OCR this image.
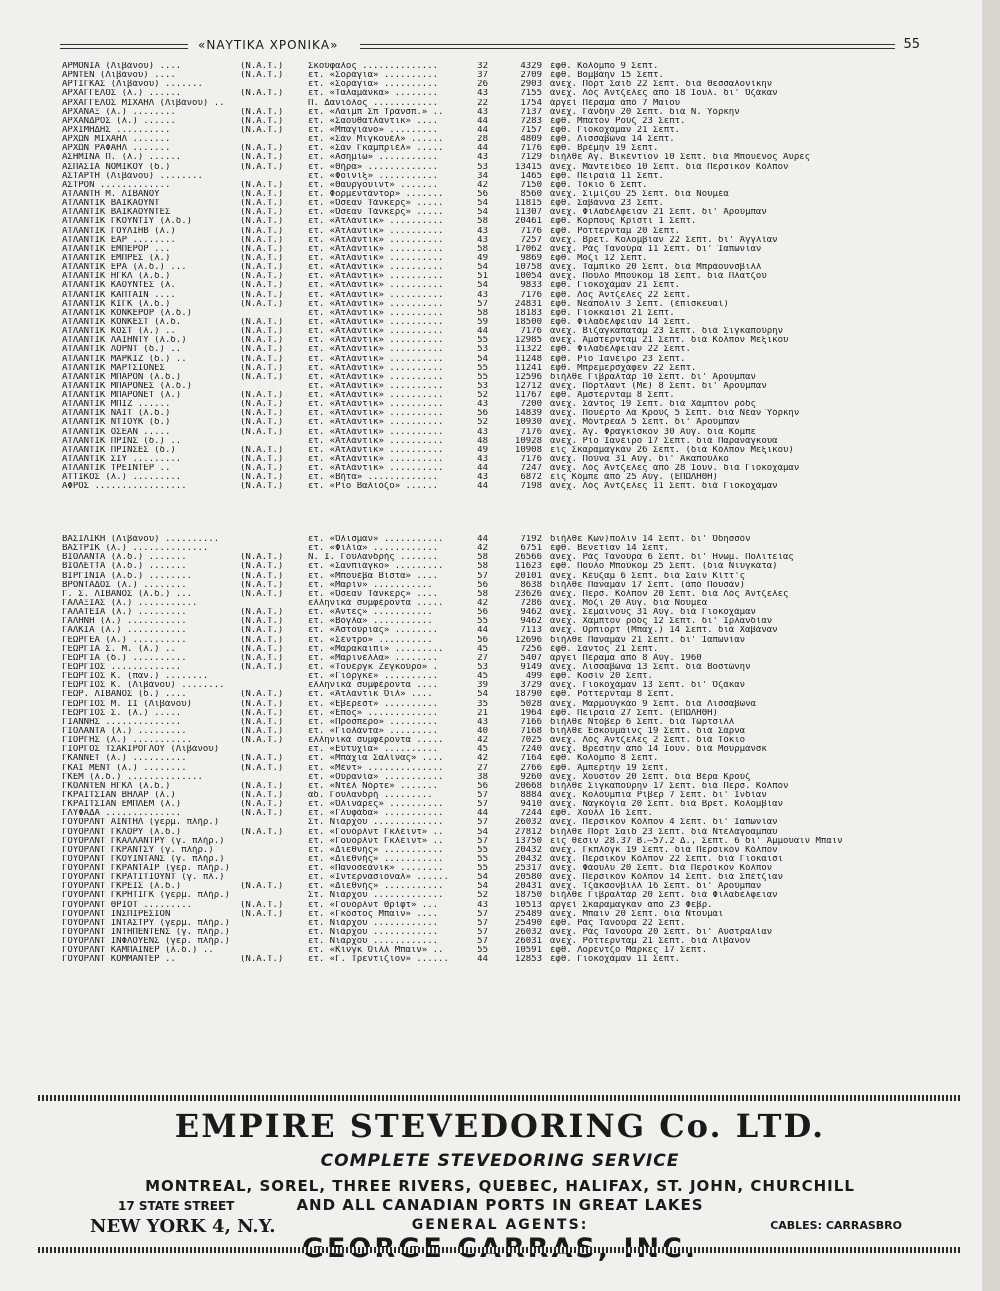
«ΝΑΥΤΙΚΑ ΧΡΟΝΙΚΑ»	55
ΑΡΜΟΝΙΑ (Λιβάνου) ....	(Ν.Α.Τ.)	Σκούφαλος ..............	32	4329 έφθ. Κολόμπο 9 Σεπτ.
ΑΡΝΤΕΝ (Λιβάνου) ....	(Ν.Α.Τ.)	ετ. «Σοράγια» ..........	37	2709 έφθ. Βομβάην 15 Σεπτ.
ΑΡΤΙΓΚΑΣ (Λιβάνου) .......	ετ. «Σοράγια» ..........	26	2903 άνεχ. Πόρτ Σαΐδ 22 Σεπτ. διά Θεσσαλονίκην
ΑΡΧΑΓΓΕΛΟΣ (λ.) ......	(Ν.Α.Τ.)	ετ. «Ταλαμάνκα» ........	43	7155 άνεχ. Λός Άντζελες άπό 18 Ίουλ. δι' Όζάκαν
ΑΡΧΑΓΓΕΛΟΣ ΜΙΧΑΗΛ (Λιβάνου) ..	Π. Δανιόλος ............	22	1754 άργεί Πέραμα άπό 7 Μαΐου
ΑΡΧΑΝΑΞ (λ.) ........	(Ν.Α.Τ.)	ετ. «Λάιμπ Σπ Τράνσπ.» ..	43	7137 άνεχ. Γάνδην 20 Σεπτ. διά Ν. Ύόρκην
ΑΡΧΑΝΔΡΟΣ (λ.) ......	(Ν.Α.Τ.)	ετ. «Σαουθατλάντικ» ....	44	7283 έφθ. Μπατόν Ρούζ 23 Σεπτ.
ΑΡΧΙΜΗΔΗΣ ..........	(Ν.Α.Τ.)	ετ. «Μπαγιάνο» .........	44	7157 έφθ. Γιοκοχάμαν 21 Σεπτ.
ΑΡΧΩΝ ΜΙΧΑΗΛ .......	ετ. «Σάν Μιγκουέλ» ......	28	4809 έφθ. Λισσαβώνα 14 Σεπτ.
ΑΡΧΩΝ ΡΑΦΑΗΛ .......	(Ν.Α.Τ.)	ετ. «Σάν Γκαμπριέλ» .....	44	7176 έφθ. Βρέμην 19 Σεπτ.
ΑΣΗΜΙΝΑ Π. (λ.) ......	(Ν.Α.Τ.)	ετ. «Ασημίω» ...........	43	7129 διήλθε Άγ. Βικέντιον 10 Σεπτ. διά Μπουένος Άϋρες
ΑΣΠΑΣΙΑ ΝΟΜΙΚΟΥ (δ.)	(Ν.Α.Τ.)	ετ. «Θήρα» .............	53	13415 άνεχ. Μαντεΐδεο 10 Σεπτ. διά Περσικόν Κόλπον
ΑΣΤΑΡΤΗ (Λιβάνου) ........	ετ. «Φοινίξ» ...........	34	1465 έφθ. Πειραιά 11 Σεπτ.
ΑΣΤΡΟΝ .............	(Ν.Α.Τ.)	ετ. «Θαϋργουϊντ» .......	42	7150 έφθ. Τόκιο 6 Σεπτ.
ΑΤΛΑΝΤΗ Μ. ΛΙΒΑΝΟΥ	(Ν.Α.Τ.)	ετ. Φορμεντάντορ» .......	56	8560 άνεχ. Σιμίζου 25 Σεπτ. διά Νουμέα
ΑΤΛΑΝΤΙΚ ΒΑΪΚΑΟΥΝΤ	(Ν.Α.Τ.)	ετ. «Όσεαν Τάνκερς» .....	54	11815 έφθ. Σαβάννα 23 Σεπτ.
ΑΤΛΑΝΤΙΚ ΒΑΪΚΑΟΥΝΤΕΣ	(Ν.Α.Τ.)	ετ. «Όσεαν Τάνκερς» .....	54	11307 άνεχ. Φιλαδέλφειαν 21 Σεπτ. δι' Άρούμπαν
ΑΤΛΑΝΤΙΚ ΓΚΟΥΝΤΙΥ (λ.δ.)	(Ν.Α.Τ.)	ετ. «Άτλάντικ» ..........	58	20461 έφθ. Κόρπους Κρίστι 1 Σεπτ.
ΑΤΛΑΝΤΙΚ ΓΟΥΛΙΗΒ (λ.)	(Ν.Α.Τ.)	ετ. «Άτλάντικ» ..........	43	7176 έφθ. Ρόττερνταμ 20 Σεπτ.
ΑΤΛΑΝΤΙΚ ΕΑΡ ........	(Ν.Α.Τ.)	ετ. «Άτλάντικ» ..........	43	7257 άνεχ. Βρετ. Κολομβίαν 22 Σεπτ. δι' Άγγλίαν
ΑΤΛΑΝΤΙΚ ΕΜΠΕΡΟΡ ...	(Ν.Α.Τ.)	ετ. «Άτλάντικ» ..........	58	17062 άνεχ. Ράς Τανούρα 11 Σεπτ. δι' Ίαπωνίαν
ΑΤΛΑΝΤΙΚ ΕΜΠΡΕΣ (λ.)	(Ν.Α.Τ.)	ετ. «Άτλάντικ» ..........	49	9869 έφθ. Μόζι 12 Σεπτ.
ΑΤΛΑΝΤΙΚ ΕΡΑ (λ.δ.) ...	(Ν.Α.Τ.)	ετ. «Άτλάντικ» ..........	54	10758 άνεχ. Ταμπίκο 20 Σεπτ. διά Μπράουνσβιλλ
ΑΤΛΑΝΤΙΚ ΗΓΚΛ (λ.δ.)	(Ν.Α.Τ.)	ετ. «Άτλάντικ» ..........	51	10054 άνεχ. Πούλο Μπούκομ 18 Σεπτ. διά Πλατζοῦ
ΑΤΛΑΝΤΙΚ ΚΑΟΥΝΤΕΣ (λ.	(Ν.Α.Τ.)	ετ. «Άτλάντικ» ..........	54	9833 έφθ. Γιοκοχάμαν 21 Σεπτ.
ΑΤΛΑΝΤΙΚ ΚΑΠΤΑΙΝ ....	(Ν.Α.Τ.)	ετ. «Άτλάντικ» ..........	43	7176 έφθ. Λός Άντζελες 22 Σεπτ.
ΑΤΛΑΝΤΙΚ ΚΙΓΚ (λ.δ.)	(Ν.Α.Τ.)	ετ. «Άτλάντικ» ..........	57	24831 έφθ. Νεάπολιν 3 Σεπτ. (έπισκευαί)
ΑΤΛΑΝΤΙΚ ΚΟΝΚΕΡΟΡ (λ.δ.)	ετ. «Άτλάντικ» ..........	58	18183 έφθ. Γιοκκαΐσι 21 Σεπτ.
ΑΤΛΑΝΤΙΚ ΚΟΝΚΕΣΤ (λ.δ.	(Ν.Α.Τ.)	ετ. «Άτλάντικ» ..........	59	18500 έφθ. Φιλαδέλφειαν 14 Σεπτ.
ΑΤΛΑΝΤΙΚ ΚΟΣΤ (λ.) ..	(Ν.Α.Τ.)	ετ. «Άτλάντικ» ..........	44	7176 άνεχ. Βιζαγκαπατάμ 23 Σεπτ. διά Σιγκαπούρην
ΑΤΛΑΝΤΙΚ ΛΑΙΗΝΤΥ (λ.δ.)	(Ν.Α.Τ.)	ετ. «Άτλάντικ» ..........	55	12985 άνεχ. Άμστερνταμ 21 Σεπτ. διά Κόλπον Μεξικοῦ
ΑΤΛΑΝΤΙΚ ΛΟΡΝΤ (δ.) ..	(Ν.Α.Τ.)	ετ. «Άτλάντικ» ..........	53	11322 έφθ. Φιλαδέλφειαν 22 Σεπτ.
ΑΤΛΑΝΤΙΚ ΜΑΡΚΙΖ (δ.) ..	(Ν.Α.Τ.)	ετ. «Άτλάντικ» ..........	54	11248 έφθ. Ρίο Ίανέϊρο 23 Σεπτ.
ΑΤΛΑΝΤΙΚ ΜΑΡΤΣΙΟΝΕΣ	(Ν.Α.Τ.)	ετ. «Άτλάντικ» ..........	55	11241 έφθ. Μπρεμερσχάφεν 22 Σεπτ.
ΑΤΛΑΝΤΙΚ ΜΠΑΡΟΝ (λ.δ.)	(Ν.Α.Τ.)	ετ. «Άτλάντικ» ..........	55	12596 διήλθε Γιβραλτάρ 10 Σεπτ. δι' Άρούμπαν
ΑΤΛΑΝΤΙΚ ΜΠΑΡΟΝΕΣ (λ.δ.)	ετ. «Άτλάντικ» ..........	53	12712 άνεχ. Πόρτλαντ (Με) 8 Σεπτ. δι' Άρούμπαν
ΑΤΛΑΝΤΙΚ ΜΠΑΡΟΝΕΤ (λ.)	(Ν.Α.Τ.)	ετ. «Άτλάντικ» ..........	52	11767 έφθ. Άμστερνταμ 8 Σεπτ.
ΑΤΛΑΝΤΙΚ ΜΠΙΖ ......	(Ν.Α.Τ.)	ετ. «Άτλάντικ» ..........	43	7200 άνεχ. Σάντος 19 Σεπτ. διά Χάμπτον ρόδς
ΑΤΛΑΝΤΙΚ ΝΑΪΤ (λ.δ.)	(Ν.Α.Τ.)	ετ. «Άτλάντικ» ..........	56	14839 άνεχ. Πουέρτο λά Κρούζ 5 Σεπτ. διά Νέαν Ύόρκην
ΑΤΛΑΝΤΙΚ ΝΤΙΟΥΚ (δ.)	(Ν.Α.Τ.)	ετ. «Άτλάντικ» ..........	52	10930 άνεχ. Μόντρεαλ 5 Σεπτ. δι' Άρούμπαν
ΑΤΛΑΝΤΙΚ ΟΣΕΑΝ .....	(Ν.Α.Τ.)	ετ. «Άτλάντικ» ..........	43	7176 άνεχ. Άγ. Φραγκίσκον 30 Αύγ. διά Κόμπε
ΑΤΛΑΝΤΙΚ ΠΡΙΝΣ (δ.) ..	ετ. «Άτλάντικ» ..........	48	10928 άνεχ. Ρίο Ίανέϊρο 17 Σεπτ. διά Παρανάγκουα
ΑΤΛΑΝΤΙΚ ΠΡΙΝΣΕΣ (δ.)	(Ν.Α.Τ.)	ετ. «Άτλάντικ» ..........	49	10908 είς Σκαραμαγκάν 26 Σεπτ. (διά Κόλπον Μεξικοῦ)
ΑΤΛΑΝΤΙΚ ΣΙΥ .........	(Ν.Α.Τ.)	ετ. «Άτλάντικ» ..........	43	7176 άνεχ. Πούνα 31 Αύγ. δι' Άκαπούλκο
ΑΤΛΑΝΤΙΚ ΤΡΕΪΝΤΕΡ ..	(Ν.Α.Τ.)	ετ. «Άτλάντικ» ..........	44	7247 άνεχ. Λός Άντζελες άπό 28 Ίουν. διά Γιοκοχάμαν
ΑΤΤΙΚΟΣ (λ.) .........	(Ν.Α.Τ.)	ετ. «Βήτα» .............	43	6872 είς Κόμπε άπό 25 Αύγ. (ΕΠΩΛΗΘΗ)
ΑΦΡΟΣ .................	(Ν.Α.Τ.)	ετ. «Ρίο Βαλιόζο» ......	44	7198 άνεχ. Λός Άντζελες 11 Σεπτ. διά Γιοκοχάμαν
ΒΑΣΙΛΙΚΗ (Λιβάνου) ..........	ετ. «Όλισμαν» ...........	44	7192 διήλθε Κων)πολιν 14 Σεπτ. δι' Όδησσόν
ΒΑΣΤΡΙΚ (λ.) ..............	ετ. «Φιλία» ............	42	6751 έφθ. Βενετίαν 14 Σεπτ.
ΒΙΟΛΑΝΤΑ (λ.δ.) .......	(Ν.Α.Τ.)	Ν. Ι. Γουλανδρής .......	58	26566 άνεχ. Ράς Τανούρα 6 Σεπτ. δι' Ήνωμ. Πολιτείας
ΒΙΟΛΕΤΤΑ (λ.δ.) .......	(Ν.Α.Τ.)	ετ. «Σανπιάγκο» .........	58	11623 έφθ. Πούλο Μπούκομ 25 Σεπτ. (διά Νιϋγκάτα)
ΒΙΡΓΙΝΙΑ (λ.δ.) ........	(Ν.Α.Τ.)	ετ. «Μπουέβα Βίστα» ....	57	20101 άνεχ. Κέϋζαμ 6 Σεπτ. διά Σαίν Κίττ'ς
ΒΡΟΝΤΑΔΟΣ (λ.) ........	(Ν.Α.Τ.)	ετ. «Μαρίν» ...........	56	8638 διήλθε Παναμάν 17 Σεπτ. (άπό Πουσάν)
Γ. Σ. ΛΙΒΑΝΟΣ (λ.δ.) ...	(Ν.Α.Τ.)	ετ. «Όσεαν Τάνκερς» ....	58	23626 άνεχ. Περσ. Κόλπον 20 Σεπτ. διά Λός Άντζελες
ΓΑΛΑΞΙΑΣ (λ.) ...........	ελληνικά συμφέροντα .....	42	7286 άνεχ. Μόζι 20 Αύγ. διά Νουμέα
ΓΑΛΑΤΕΙΑ (λ.) .........	(Ν.Α.Τ.)	ετ. «Άντες» ...........	56	9462 άνεχ. Σεμαϊνους 31 Αύγ. διά Γιοκοχάμαν
ΓΑΛΗΝΗ (λ.) ...........	(Ν.Α.Τ.)	ετ. «Βόγλα» ...........	55	9462 άνεχ. Χάμπτον ρόδς 12 Σεπτ. δι' Ίρλανδίαν
ΓΑΛΚΙΑ (λ.) ...........	(Ν.Α.Τ.)	ετ. «Άστούριας» ........	44	7113 άνεχ. Ορπιορτ (Μπαχ.) 14 Σεπτ. διά Χαβάναν
ΓΕΩΡΓΕΑ (λ.) ..........	(Ν.Α.Τ.)	ετ. «Σέντρο» ..........	56	12696 διήλθε Παναμάν 21 Σεπτ. δι' Ίαπωνίαν
ΓΕΩΡΓΙΑ Σ. Μ. (λ.) ..	(Ν.Α.Τ.)	ετ. «Μαρακαΐπι» .........	45	7256 έφθ. Σάντος 21 Σεπτ.
ΓΕΩΡΓΙΑ (δ.) ..........	(Ν.Α.Τ.)	ετ. «Μαρινέλλα» ........	27	5407 άργεί Πέραμα άπό 8 Αύγ. 1960
ΓΕΩΡΓΙΟΣ .............	(Ν.Α.Τ.)	ετ. «Τουέργκ Ζεγκούρο» .	53	9149 άνεχ. Λισσαβώνα 13 Σεπτ. διά Βοστώνην
ΓΕΩΡΓΙΟΣ Κ. (παν.) ........	ετ. «Γιόργκε» ..........	45	499 έφθ. Κοσίν 20 Σεπτ.
ΓΕΩΡΓΙΟΣ Κ. (Λιβάνου) ........	ελληνικά συμφέροντα ....	39	3729 άνεχ. Γιοκοχάμαν 13 Σεπτ. δι' Όζάκαν
ΓΕΩΡ. ΛΙΒΑΝΟΣ (δ.) ....	(Ν.Α.Τ.)	ετ. «Άτλάντικ Όϊλ» ....	54	18790 έφθ. Ρόττερνταμ 8 Σεπτ.
ΓΕΩΡΓΙΟΣ Μ. ΙΙ (Λιβάνου)	(Ν.Α.Τ.)	ετ. «Έβερεστ» ..........	35	5028 άνεχ. Μαρμουγκάο 9 Σεπτ. διά Λισσαβώνα
ΓΕΩΡΓΙΟΣ Σ. (λ.) .....	(Ν.Α.Τ.)	ετ. «Έπος» .............	21	1964 έφθ. Πειραιά 27 Σεπτ. (ΕΠΩΛΗΘΗ)
ΓΙΑΝΝΗΣ ..............	(Ν.Α.Τ.)	ετ. «Πρόσπερο» .........	43	7166 διήλθε Ντόβερ 6 Σεπτ. διά Τώρτσιλλ
ΓΙΟΛΑΝΤΑ (λ.) .........	(Ν.Α.Τ.)	ετ. «Γιολάντα» .........	40	7168 διήλθε Έσκουμάινς 19 Σεπτ. διά Σάρνα
ΓΙΟΡΓΗΣ (λ.) ...........	(Ν.Α.Τ.)	ελληνικά συμφέροντα .....	42	7025 άνεχ. Λός Άντζελες 2 Σεπτ. διά Τόκιο
ΓΙΟΡΓΟΣ ΤΣΑΚΙΡΟΓΛΟΥ (Λιβάνου)	ετ. «Εύτυχία» ..........	45	7240 άνεχ. Βρεστην άπό 14 Ίουν. διά Μουρμάνσκ
ΓΚΑΝΝΕΤ (λ.) ..........	(Ν.Α.Τ.)	ετ. «Μπάχια Σαλίνας» ....	42	7164 έφθ. Κολόμπο 8 Σεπτ.
ΓΚΑΪ ΜΕΝΤ (λ.) ........	(Ν.Α.Τ.)	ετ. «Μέντ» ..............	27	2766 έφθ. Άμπερτην 19 Σεπτ.
ΓΚΕΜ (λ.δ.) ..............	ετ. «Ούρανία» ...........	38	9260 άνεχ. Χούστον 20 Σεπτ. διά Βέρα Κρούζ
ΓΚΟΛΝΤΕΝ ΗΓΚΛ (λ.δ.)	(Ν.Α.Τ.)	ετ. «Ντέλ Νόρτε» .......	56	20668 διήλθε Σιγκαπούρην 17 Σεπτ. διά Περσ. Κόλπον
ΓΚΡΑΪΤΣΙΑΝ ΒΗΛΑΡ (λ.)	(Ν.Α.Τ.)	άδ. Γουλανδρή .........	57	8884 άνεχ. Κολούμπια Ρίβερ 7 Σεπτ. δι' Ίνδίαν
ΓΚΡΑΪΤΣΙΑΝ ΕΜΠΛΕΜ (λ.)	(Ν.Α.Τ.)	ετ. «Όλινάρες» ..........	57	9410 άνεχ. Ναγκόγια 20 Σεπτ. διά Βρετ. Κολομβίαν
ΓΛΥΦΑΔΑ ..............	(Ν.Α.Τ.)	ετ. «Γλυφάδα» ...........	44	7244 έφθ. Χούλλ 16 Σεπτ.
ΓΟΥΟΡΛΝΤ ΑΪΝΤΗΛ (γερμ. πλήρ.)	Στ. Νιάρχου .............	57	26032 άνεχ. Περσικόν Κόλπον 4 Σεπτ. δι' Ίαπωνίαν
ΓΟΥΟΡΛΝΤ ΓΚΛΟΡΥ (λ.δ.)	(Ν.Α.Τ.)	ετ. «Γουόρλντ Γκλέϊντ» ..	54	27812 διήλθε Πόρτ Σαΐδ 23 Σεπτ. διά Ντελάγοαμπαϋ
ΓΟΥΟΡΛΝΤ ΓΚΑΛΛΑΝΤΡΥ (γ. πλήρ.)	ετ. «Γουόρλντ Γκλέϊντ» ..	57	13750 είς θέσιν 28.37 Β.—57.2 Δ., Σεπτ. 6 δι' Άμμουαϊν Μπαϊν
ΓΟΥΟΡΛΝΤ ΓΚΡΑΝΤΣΥ (γ. πλήρ.)	ετ. «Διεθνής» ...........	55	20432 άνεχ. Γκπλόγκ 19 Σεπτ. διά Περσικόν Κόλπον
ΓΟΥΟΡΛΝΤ ΓΚΟΥΪΝΤΑΝΣ (γ. πλήρ.)	ετ. «Διεθνής» ...........	55	20432 άνεχ. Περσικόν Κόλπον 22 Σεπτ. διά Γιοκαΐσι
ΓΟΥΟΡΛΝΤ ΓΚΡΑΝΤΑΙΡ (γερ. πλήρ.)	ετ. «Πανοσεάνικ» ........	55	25317 άνεχ. Φάουλυ 20 Σεπτ. διά Περσικόν Κόλπον
ΓΟΥΟΡΛΝΤ ΓΚΡΑΤΙΤΙΟΥΝΤ (γ. πλ.)	ετ. «Ίντερνάσιοναλ» ......	54	20580 άνεχ. Περσικόν Κόλπον 14 Σεπτ. διά Σπέτζιαν
ΓΟΥΟΡΛΝΤ ΓΚΡΕΪΣ (λ.δ.)	(Ν.Α.Τ.)	ετ. «Διεθνής» ...........	54	20431 άνεχ. Τζάκσονβιλλ 16 Σεπτ. δι' Άρούμπαν
ΓΟΥΟΡΛΝΤ ΓΚΡΗΤΙΓΚ (γερμ. πλήρ.)	Στ. Νιάρχου .............	52	18750 διήλθε Γιβραλτάρ 20 Σεπτ. διά Φιλαδέλφειαν
ΓΟΥΟΡΛΝΤ ΘΡΙΟΤ .........	(Ν.Α.Τ.)	ετ. «Γουόρλντ Θρίφτ» ...	43	10513 άργεί Σκαραμαγκάν άπό 23 Φεβρ.
ΓΟΥΟΡΛΝΤ ΙΝΣΠΙΡΕΣΙΟΝ	(Ν.Α.Τ.)	ετ. «Γκόστος Μπαϊν» ....	57	25489 άνεχ. Μπαϊν 20 Σεπτ. διά Ντουμάϊ
ΓΟΥΟΡΛΝΤ ΙΝΤΑΣΤΡΥ (γερμ. πλήρ.)	ετ. Νιάρχου ............	57	25490 έφθ. Ράς Τανούρα 22 Σεπτ.
ΓΟΥΟΡΛΝΤ ΙΝΤΗΠΕΝΤΕΝΣ (γ. πλήρ.)	ετ. Νιάρχου ............	57	26032 άνεχ. Ράς Τανούρα 20 Σεπτ. δι' Αύστραλίαν
ΓΟΥΟΡΛΝΤ ΙΝΦΛΟΥΕΝΣ (γερ. πλήρ.)	ετ. Νιάρχου ............	57	26031 άνεχ. Ρόττερνταμ 21 Σεπτ. διά Λίβανον
ΓΟΥΟΡΛΝΤ ΚΑΜΠΑΪΝΕΡ (λ.δ.) ..	ετ. «Κίνγκ Όϊλλ Μπαϊν» ..	55	10591 έφθ. Λορέντζο Μάρκες 17 Σεπτ.
ΓΟΥΟΡΛΝΤ ΚΟΜΜΑΝΤΕΡ ..	(Ν.Α.Τ.)	ετ. «Γ. Τρεντιζίον» ......	44	12853 έφθ. Γιοκοχάμαν 11 Σεπτ.
EMPIRE STEVEDORING Co. LTD.
COMPLETE STEVEDORING SERVICE
MONTREAL, SOREL, THREE RIVERS, QUEBEC, HALIFAX, ST. JOHN, CHURCHILL
AND ALL CANADIAN PORTS IN GREAT LAKES
GENERAL AGENTS:
17 STATE STREET
NEW YORK 4, N.Y.	CABLES: CARRASBRO
